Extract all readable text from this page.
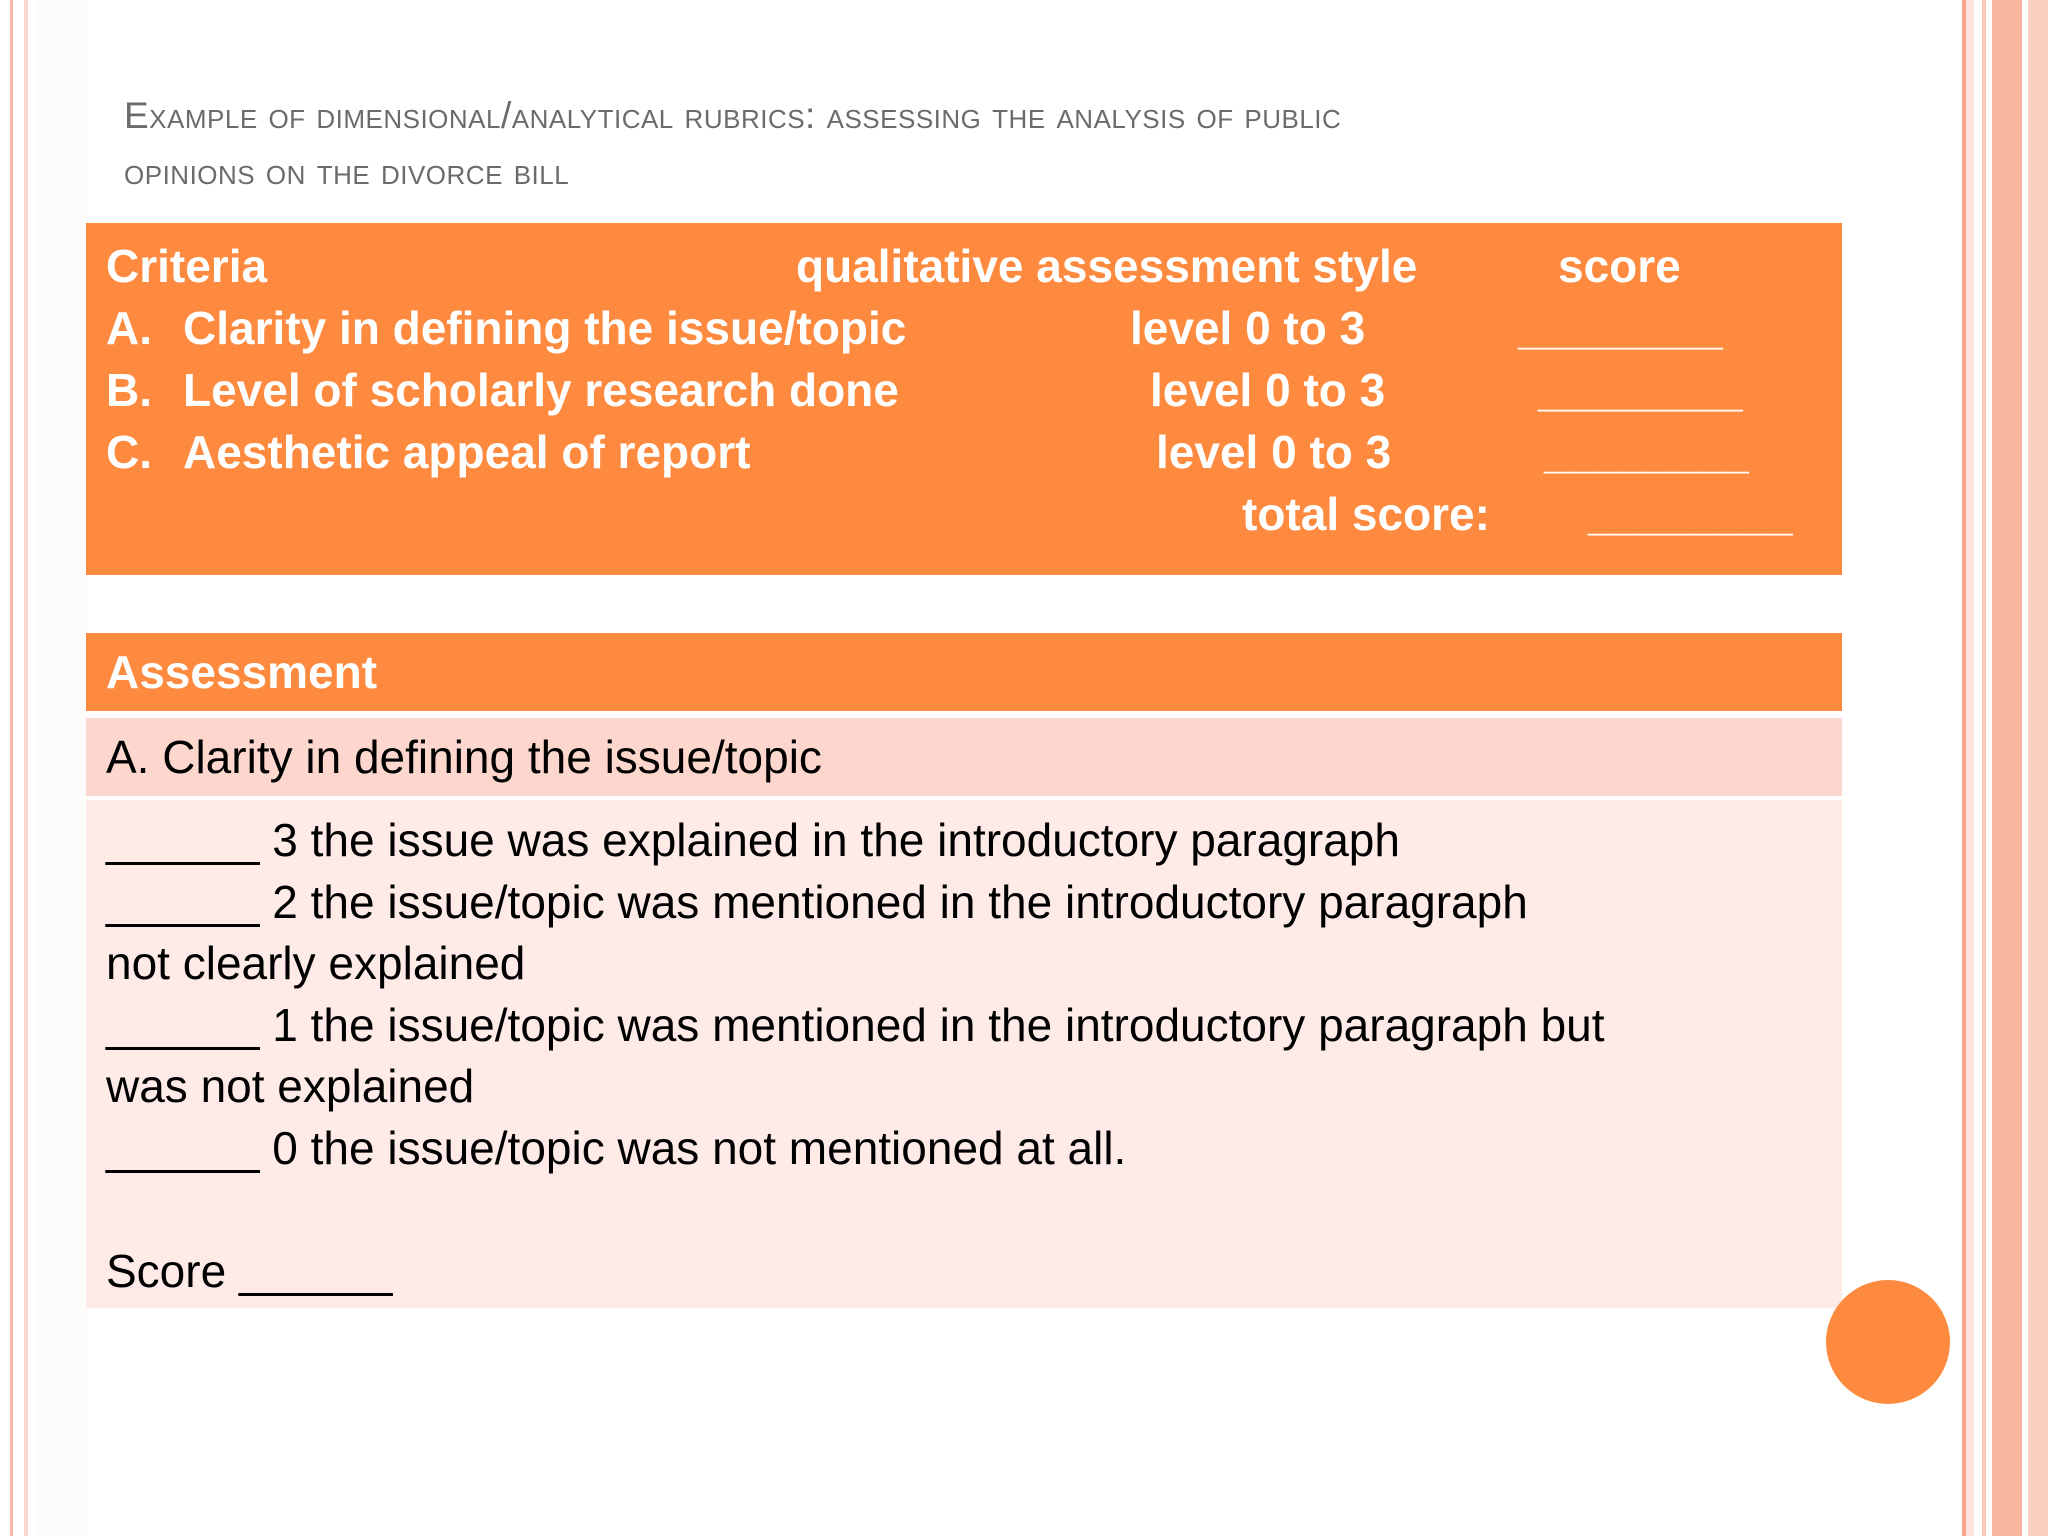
Example of dimensional/analytical rubrics: assessing the analysis of public
opinions on the divorce bill
Criteria	qualitative assessment style	score
A. Clarity in defining the issue/topic	level 0 to 3	________
B. Level of scholarly research done	level 0 to 3	________
C. Aesthetic appeal of report	level 0 to 3	________
total score: ________
Assessment
A. Clarity in defining the issue/topic
______ 3 the issue was explained in the introductory paragraph
______ 2 the issue/topic was mentioned in the introductory paragraph
not clearly explained
______ 1 the issue/topic was mentioned in the introductory paragraph but
was not explained
______ 0 the issue/topic was not mentioned at all.
Score ______
